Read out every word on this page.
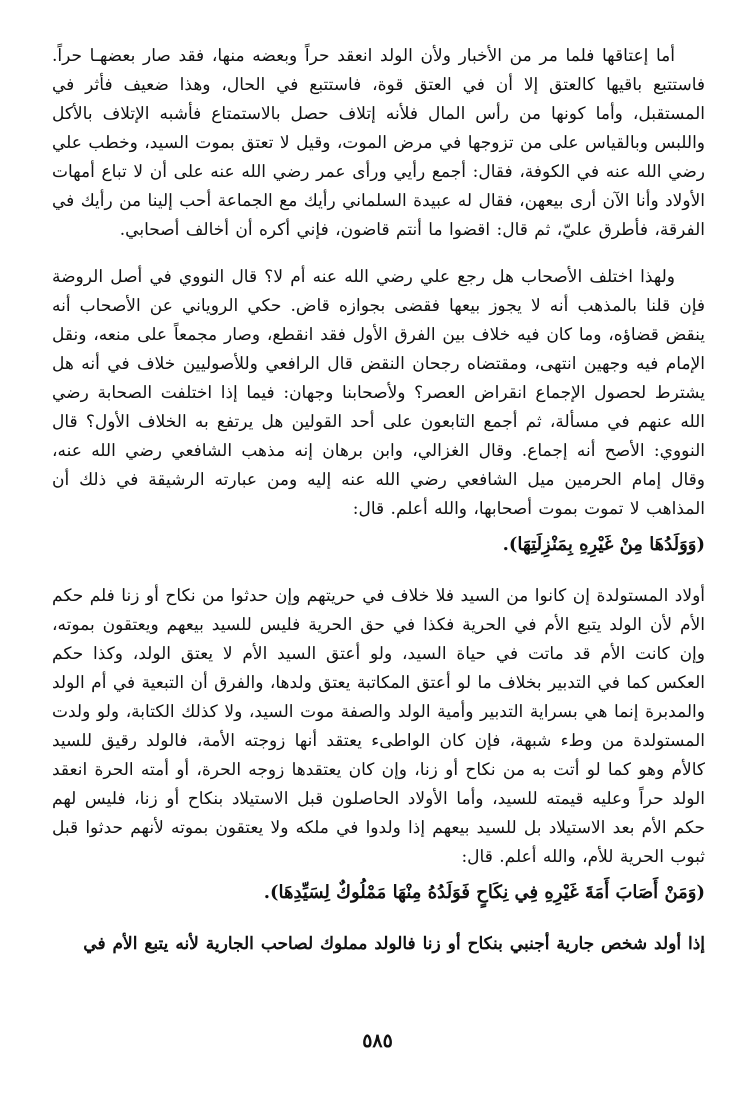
أما إعتاقها فلما مر من الأخبار ولأن الولد انعقد حراً وبعضه منها، فقد صار بعضهـا حراً. فاستتبع باقيها كالعتق إلا أن في العتق قوة، فاستتبع في الحال، وهذا ضعيف فأثر في المستقبل، وأما كونها من رأس المال فلأنه إتلاف حصل بالاستمتاع فأشبه الإتلاف بالأكل واللبس وبالقياس على من تزوجها في مرض الموت، وقيل لا تعتق بموت السيد، وخطب علي رضي الله عنه في الكوفة، فقال: أجمع رأيي ورأى عمر رضي الله عنه على أن لا تباع أمهات الأولاد وأنا الآن أرى بيعهن، فقال له عبيدة السلماني رأيك مع الجماعة أحب إلينا من رأيك في الفرقة، فأطرق عليّ، ثم قال: اقضوا ما أنتم قاضون، فإني أكره أن أخالف أصحابي.

ولهذا اختلف الأصحاب هل رجع علي رضي الله عنه أم لا؟ قال النووي في أصل الروضة فإن قلنا بالمذهب أنه لا يجوز بيعها فقضى بجوازه قاض. حكي الروياني عن الأصحاب أنه ينقض قضاؤه، وما كان فيه خلاف بين الفرق الأول فقد انقطع، وصار مجمعاً على منعه، ونقل الإمام فيه وجهين انتهى، ومقتضاه رجحان النقض قال الرافعي وللأصوليين خلاف في أنه هل يشترط لحصول الإجماع انقراض العصر؟ ولأصحابنا وجهان: فيما إذا اختلفت الصحابة رضي الله عنهم في مسألة، ثم أجمع التابعون على أحد القولين هل يرتفع به الخلاف الأول؟ قال النووي: الأصح أنه إجماع. وقال الغزالي، وابن برهان إنه مذهب الشافعي رضي الله عنه، وقال إمام الحرمين ميل الشافعي رضي الله عنه إليه ومن عبارته الرشيقة في ذلك أن المذاهب لا تموت بموت أصحابها، والله أعلم. قال:

(وَوَلَدُهَا مِنْ غَيْرِهِ بِمَنْزِلَتِهَا).

أولاد المستولدة إن كانوا من السيد فلا خلاف في حريتهم وإن حدثوا من نكاح أو زنا فلم حكم الأم لأن الولد يتبع الأم في الحرية فكذا في حق الحرية فليس للسيد بيعهم ويعتقون بموته، وإن كانت الأم قد ماتت في حياة السيد، ولو أعتق السيد الأم لا يعتق الولد، وكذا حكم العكس كما في التدبير بخلاف ما لو أعتق المكاتبة يعتق ولدها، والفرق أن التبعية في أم الولد والمدبرة إنما هي بسراية التدبير وأمية الولد والصفة موت السيد، ولا كذلك الكتابة، ولو ولدت المستولدة من وطء شبهة، فإن كان الواطىء يعتقد أنها زوجته الأمة، فالولد رقيق للسيد كالأم وهو كما لو أتت به من نكاح أو زنا، وإن كان يعتقدها زوجه الحرة، أو أمته الحرة انعقد الولد حراً وعليه قيمته للسيد، وأما الأولاد الحاصلون قبل الاستيلاد بنكاح أو زنا، فليس لهم حكم الأم بعد الاستيلاد بل للسيد بيعهم إذا ولدوا في ملكه ولا يعتقون بموته لأنهم حدثوا قبل ثبوب الحرية للأم، والله أعلم. قال:

(وَمَنْ أَصَابَ أَمَةَ غَيْرِهِ فِي نِكَاحٍ فَوَلَدُهُ مِنْهَا مَمْلُوكٌ لِسَيِّدِهَا).

إذا أولد شخص جارية أجنبي بنكاح أو زنا فالولد مملوك لصاحب الجارية لأنه يتبع الأم في

٥٨٥
